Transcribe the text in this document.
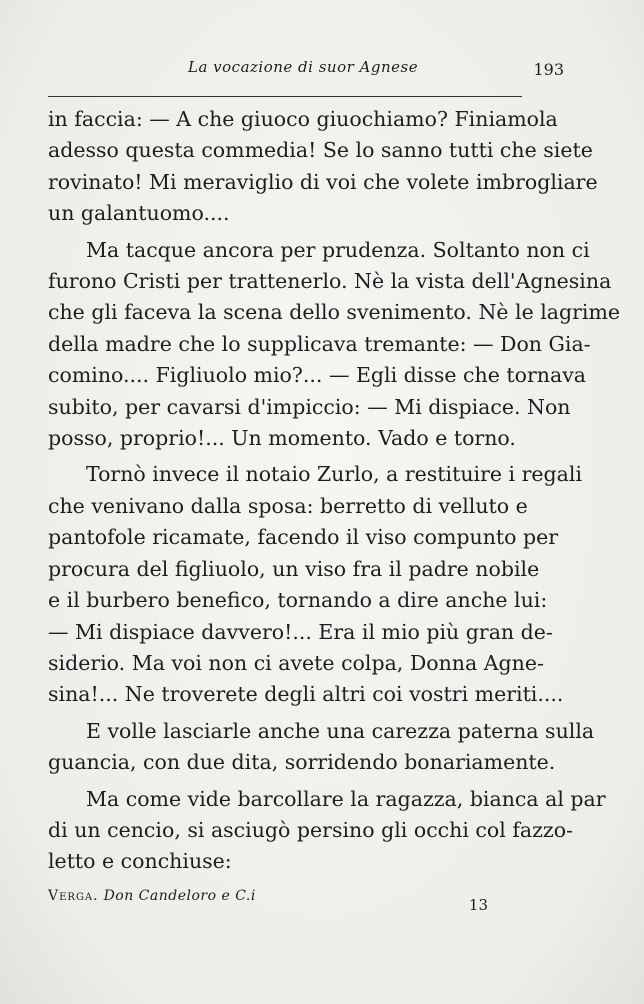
La vocazione di suor Agnese	193

in faccia: — A che giuoco giuochiamo? Finiamola
adesso questa commedia! Se lo sanno tutti che siete
rovinato! Mi meraviglio di voi che volete imbrogliare
un galantuomo....

Ma tacque ancora per prudenza. Soltanto non ci
furono Cristi per trattenerlo. Nè la vista dell'Agnesina
che gli faceva la scena dello svenimento. Nè le lagrime
della madre che lo supplicava tremante: — Don Gia-
comino.... Figliuolo mio?... — Egli disse che tornava
subito, per cavarsi d'impiccio: — Mi dispiace. Non
posso, proprio!... Un momento. Vado e torno.

Tornò invece il notaio Zurlo, a restituire i regali
che venivano dalla sposa: berretto di velluto e
pantofole ricamate, facendo il viso compunto per
procura del figliuolo, un viso fra il padre nobile
e il burbero benefico, tornando a dire anche lui:
— Mi dispiace davvero!... Era il mio più gran de-
siderio. Ma voi non ci avete colpa, Donna Agne-
sina!... Ne troverete degli altri coi vostri meriti....

E volle lasciarle anche una carezza paterna sulla
guancia, con due dita, sorridendo bonariamente.

Ma come vide barcollare la ragazza, bianca al par
di un cencio, si asciugò persino gli occhi col fazzo-
letto e conchiuse:

Verga. Don Candeloro e C.i	13
